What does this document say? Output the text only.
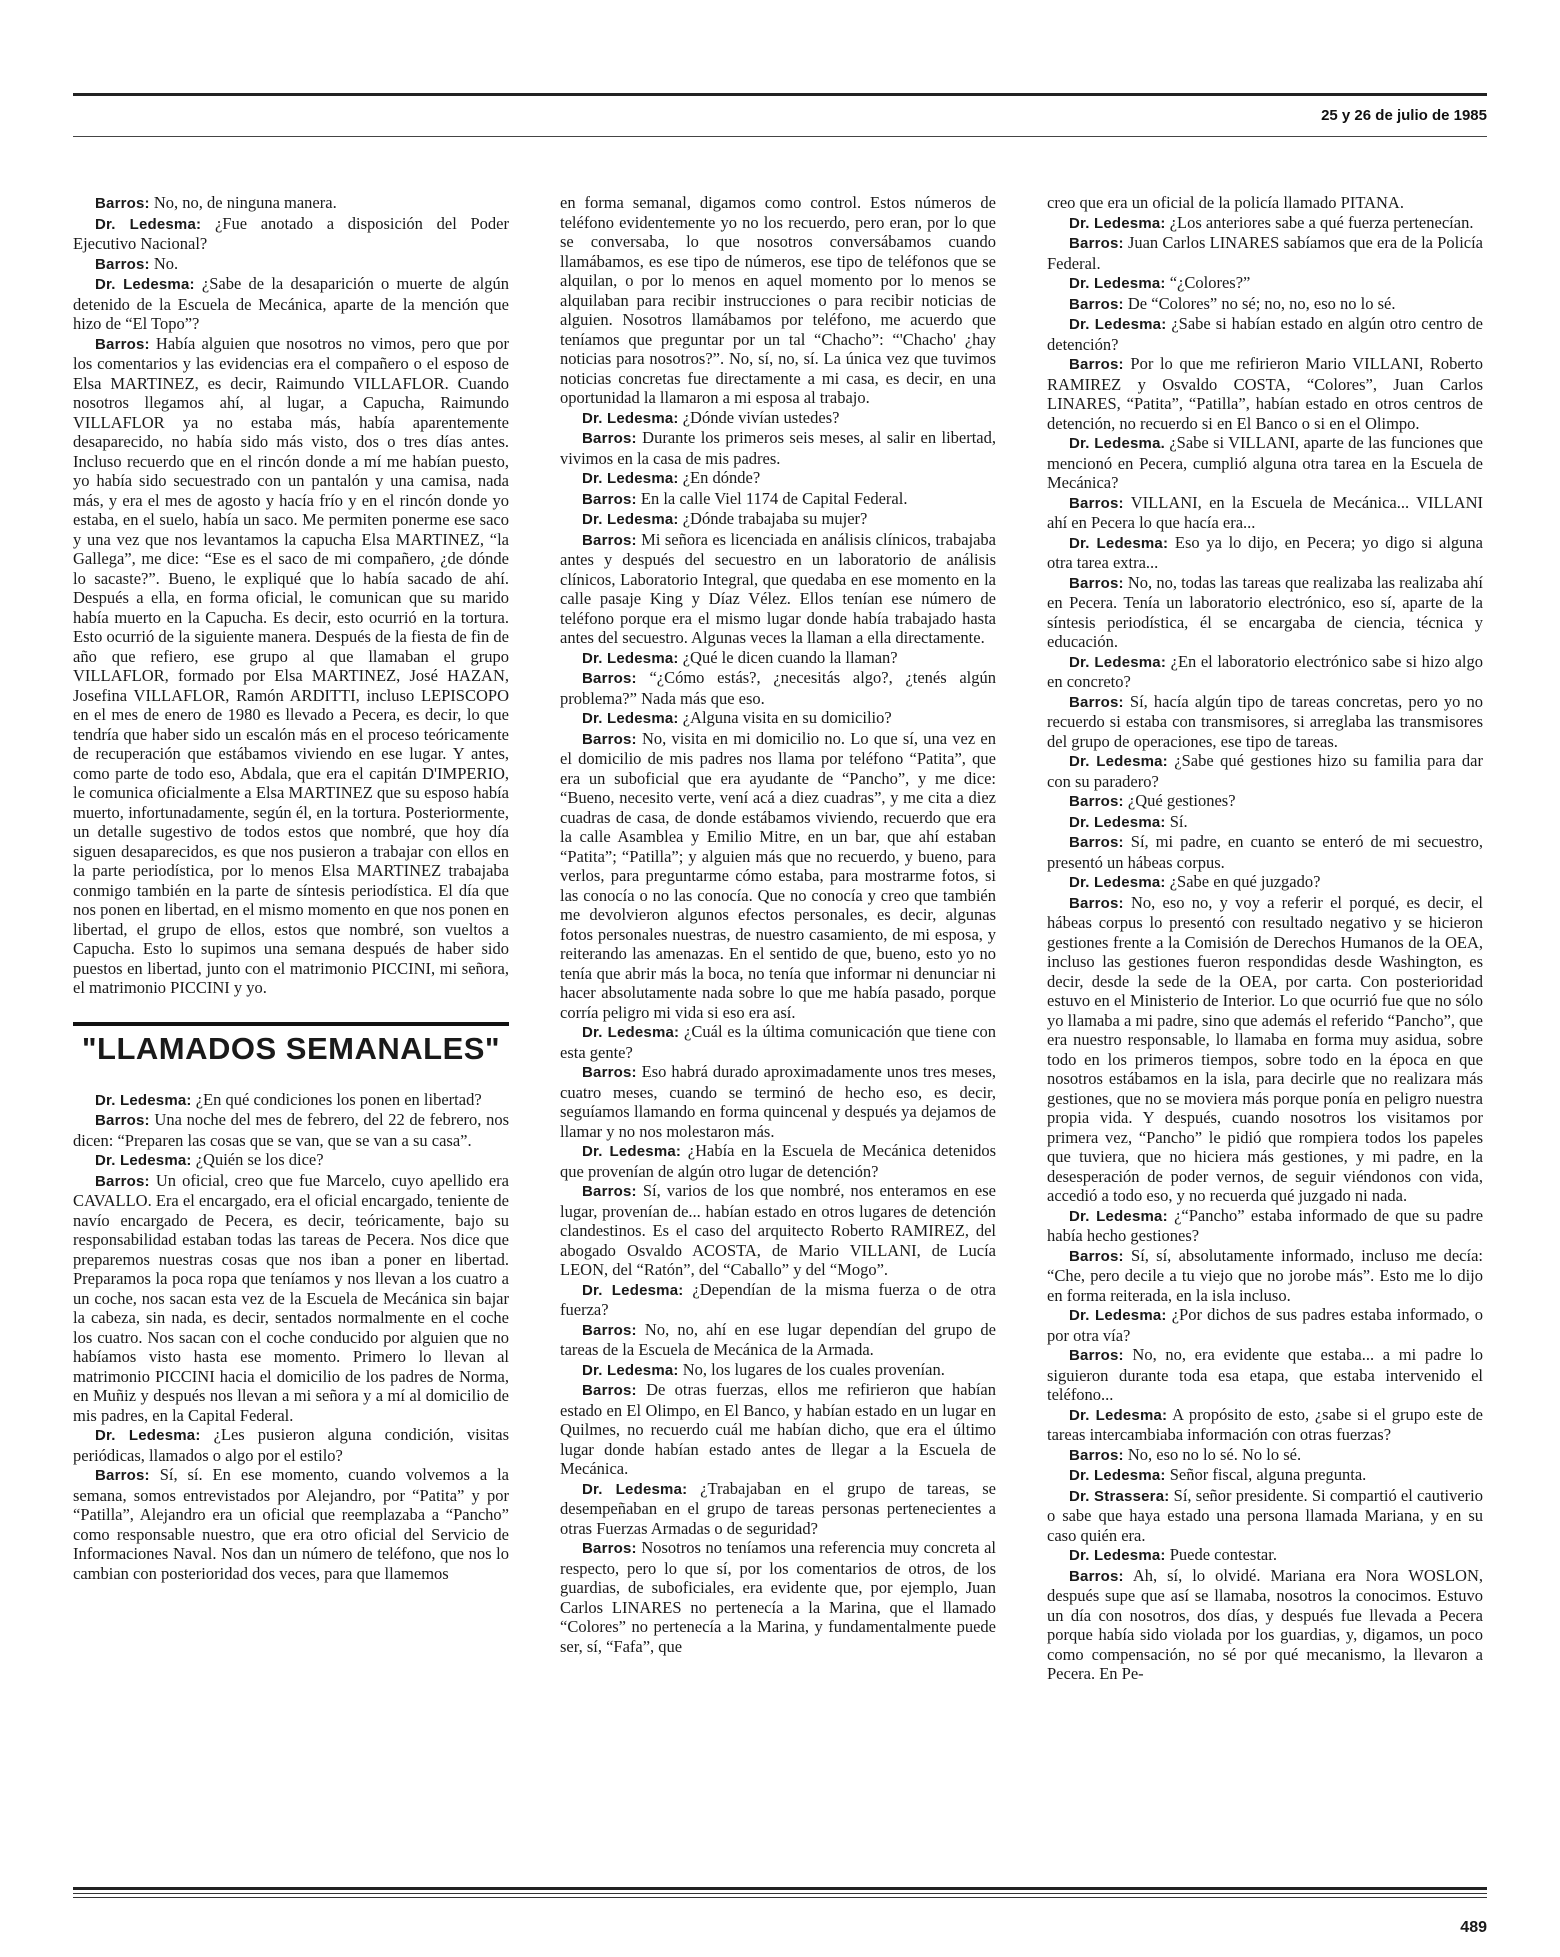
25 y 26 de julio de 1985

Barros: No, no, de ninguna manera.

Dr. Ledesma: ¿Fue anotado a disposición del Poder Ejecutivo Nacional?

Barros: No.

Dr. Ledesma: ¿Sabe de la desaparición o muerte de algún detenido de la Escuela de Mecánica, aparte de la mención que hizo de “El Topo”?

Barros: Había alguien que nosotros no vimos, pero que por los comentarios y las evidencias era el compañero o el esposo de Elsa MARTINEZ, es decir, Raimundo VILLAFLOR. Cuando nosotros llegamos ahí, al lugar, a Capucha, Raimundo VILLAFLOR ya no estaba más, había aparentemente desaparecido, no había sido más visto, dos o tres días antes. Incluso recuerdo que en el rincón donde a mí me habían puesto, yo había sido secuestrado con un pantalón y una camisa, nada más, y era el mes de agosto y hacía frío y en el rincón donde yo estaba, en el suelo, había un saco. Me permiten ponerme ese saco y una vez que nos levantamos la capucha Elsa MARTINEZ, “la Gallega”, me dice: “Ese es el saco de mi compañero, ¿de dónde lo sacaste?”. Bueno, le expliqué que lo había sacado de ahí. Después a ella, en forma oficial, le comunican que su marido había muerto en la Capucha. Es decir, esto ocurrió en la tortura. Esto ocurrió de la siguiente manera. Después de la fiesta de fin de año que refiero, ese grupo al que llamaban el grupo VILLAFLOR, formado por Elsa MARTINEZ, José HAZAN, Josefina VILLAFLOR, Ramón ARDITTI, incluso LEPISCOPO en el mes de enero de 1980 es llevado a Pecera, es decir, lo que tendría que haber sido un escalón más en el proceso teóricamente de recuperación que estábamos viviendo en ese lugar. Y antes, como parte de todo eso, Abdala, que era el capitán D'IMPERIO, le comunica oficialmente a Elsa MARTINEZ que su esposo había muerto, infortunadamente, según él, en la tortura. Posteriormente, un detalle sugestivo de todos estos que nombré, que hoy día siguen desaparecidos, es que nos pusieron a trabajar con ellos en la parte periodística, por lo menos Elsa MARTINEZ trabajaba conmigo también en la parte de síntesis periodística. El día que nos ponen en libertad, en el mismo momento en que nos ponen en libertad, el grupo de ellos, estos que nombré, son vueltos a Capucha. Esto lo supimos una semana después de haber sido puestos en libertad, junto con el matrimonio PICCINI, mi señora, el matrimonio PICCINI y yo.

"LLAMADOS SEMANALES"

Dr. Ledesma: ¿En qué condiciones los ponen en libertad?

Barros: Una noche del mes de febrero, del 22 de febrero, nos dicen: “Preparen las cosas que se van, que se van a su casa”.

Dr. Ledesma: ¿Quién se los dice?

Barros: Un oficial, creo que fue Marcelo, cuyo apellido era CAVALLO. Era el encargado, era el oficial encargado, teniente de navío encargado de Pecera, es decir, teóricamente, bajo su responsabilidad estaban todas las tareas de Pecera. Nos dice que preparemos nuestras cosas que nos iban a poner en libertad. Preparamos la poca ropa que teníamos y nos llevan a los cuatro a un coche, nos sacan esta vez de la Escuela de Mecánica sin bajar la cabeza, sin nada, es decir, sentados normalmente en el coche los cuatro. Nos sacan con el coche conducido por alguien que no habíamos visto hasta ese momento. Primero lo llevan al matrimonio PICCINI hacia el domicilio de los padres de Norma, en Muñiz y después nos llevan a mi señora y a mí al domicilio de mis padres, en la Capital Federal.

Dr. Ledesma: ¿Les pusieron alguna condición, visitas periódicas, llamados o algo por el estilo?

Barros: Sí, sí. En ese momento, cuando volvemos a la semana, somos entrevistados por Alejandro, por “Patita” y por “Patilla”, Alejandro era un oficial que reemplazaba a “Pancho” como responsable nuestro, que era otro oficial del Servicio de Informaciones Naval. Nos dan un número de teléfono, que nos lo cambian con posterioridad dos veces, para que llamemos

en forma semanal, digamos como control. Estos números de teléfono evidentemente yo no los recuerdo, pero eran, por lo que se conversaba, lo que nosotros conversábamos cuando llamábamos, es ese tipo de números, ese tipo de teléfonos que se alquilan, o por lo menos en aquel momento por lo menos se alquilaban para recibir instrucciones o para recibir noticias de alguien. Nosotros llamábamos por teléfono, me acuerdo que teníamos que preguntar por un tal “Chacho”: “'Chacho' ¿hay noticias para nosotros?”. No, sí, no, sí. La única vez que tuvimos noticias concretas fue directamente a mi casa, es decir, en una oportunidad la llamaron a mi esposa al trabajo.

Dr. Ledesma: ¿Dónde vivían ustedes?

Barros: Durante los primeros seis meses, al salir en libertad, vivimos en la casa de mis padres.

Dr. Ledesma: ¿En dónde?

Barros: En la calle Viel 1174 de Capital Federal.

Dr. Ledesma: ¿Dónde trabajaba su mujer?

Barros: Mi señora es licenciada en análisis clínicos, trabajaba antes y después del secuestro en un laboratorio de análisis clínicos, Laboratorio Integral, que quedaba en ese momento en la calle pasaje King y Díaz Vélez. Ellos tenían ese número de teléfono porque era el mismo lugar donde había trabajado hasta antes del secuestro. Algunas veces la llaman a ella directamente.

Dr. Ledesma: ¿Qué le dicen cuando la llaman?

Barros: “¿Cómo estás?, ¿necesitás algo?, ¿tenés algún problema?” Nada más que eso.

Dr. Ledesma: ¿Alguna visita en su domicilio?

Barros: No, visita en mi domicilio no. Lo que sí, una vez en el domicilio de mis padres nos llama por teléfono “Patita”, que era un suboficial que era ayudante de “Pancho”, y me dice: “Bueno, necesito verte, vení acá a diez cuadras”, y me cita a diez cuadras de casa, de donde estábamos viviendo, recuerdo que era la calle Asamblea y Emilio Mitre, en un bar, que ahí estaban “Patita”; “Patilla”; y alguien más que no recuerdo, y bueno, para verlos, para preguntarme cómo estaba, para mostrarme fotos, si las conocía o no las conocía. Que no conocía y creo que también me devolvieron algunos efectos personales, es decir, algunas fotos personales nuestras, de nuestro casamiento, de mi esposa, y reiterando las amenazas. En el sentido de que, bueno, esto yo no tenía que abrir más la boca, no tenía que informar ni denunciar ni hacer absolutamente nada sobre lo que me había pasado, porque corría peligro mi vida si eso era así.

Dr. Ledesma: ¿Cuál es la última comunicación que tiene con esta gente?

Barros: Eso habrá durado aproximadamente unos tres meses, cuatro meses, cuando se terminó de hecho eso, es decir, seguíamos llamando en forma quincenal y después ya dejamos de llamar y no nos molestaron más.

Dr. Ledesma: ¿Había en la Escuela de Mecánica detenidos que provenían de algún otro lugar de detención?

Barros: Sí, varios de los que nombré, nos enteramos en ese lugar, provenían de... habían estado en otros lugares de detención clandestinos. Es el caso del arquitecto Roberto RAMIREZ, del abogado Osvaldo ACOSTA, de Mario VILLANI, de Lucía LEON, del “Ratón”, del “Caballo” y del “Mogo”.

Dr. Ledesma: ¿Dependían de la misma fuerza o de otra fuerza?

Barros: No, no, ahí en ese lugar dependían del grupo de tareas de la Escuela de Mecánica de la Armada.

Dr. Ledesma: No, los lugares de los cuales provenían.

Barros: De otras fuerzas, ellos me refirieron que habían estado en El Olimpo, en El Banco, y habían estado en un lugar en Quilmes, no recuerdo cuál me habían dicho, que era el último lugar donde habían estado antes de llegar a la Escuela de Mecánica.

Dr. Ledesma: ¿Trabajaban en el grupo de tareas, se desempeñaban en el grupo de tareas personas pertenecientes a otras Fuerzas Armadas o de seguridad?

Barros: Nosotros no teníamos una referencia muy concreta al respecto, pero lo que sí, por los comentarios de otros, de los guardias, de suboficiales, era evidente que, por ejemplo, Juan Carlos LINARES no pertenecía a la Marina, que el llamado “Colores” no pertenecía a la Marina, y fundamentalmente puede ser, sí, “Fafa”, que

creo que era un oficial de la policía llamado PITANA.

Dr. Ledesma: ¿Los anteriores sabe a qué fuerza pertenecían.

Barros: Juan Carlos LINARES sabíamos que era de la Policía Federal.

Dr. Ledesma: “¿Colores?”

Barros: De “Colores” no sé; no, no, eso no lo sé.

Dr. Ledesma: ¿Sabe si habían estado en algún otro centro de detención?

Barros: Por lo que me refirieron Mario VILLANI, Roberto RAMIREZ y Osvaldo COSTA, “Colores”, Juan Carlos LINARES, “Patita”, “Patilla”, habían estado en otros centros de detención, no recuerdo si en El Banco o si en el Olimpo.

Dr. Ledesma. ¿Sabe si VILLANI, aparte de las funciones que mencionó en Pecera, cumplió alguna otra tarea en la Escuela de Mecánica?

Barros: VILLANI, en la Escuela de Mecánica... VILLANI ahí en Pecera lo que hacía era...

Dr. Ledesma: Eso ya lo dijo, en Pecera; yo digo si alguna otra tarea extra...

Barros: No, no, todas las tareas que realizaba las realizaba ahí en Pecera. Tenía un laboratorio electrónico, eso sí, aparte de la síntesis periodística, él se encargaba de ciencia, técnica y educación.

Dr. Ledesma: ¿En el laboratorio electrónico sabe si hizo algo en concreto?

Barros: Sí, hacía algún tipo de tareas concretas, pero yo no recuerdo si estaba con transmisores, si arreglaba las transmisores del grupo de operaciones, ese tipo de tareas.

Dr. Ledesma: ¿Sabe qué gestiones hizo su familia para dar con su paradero?

Barros: ¿Qué gestiones?

Dr. Ledesma: Sí.

Barros: Sí, mi padre, en cuanto se enteró de mi secuestro, presentó un hábeas corpus.

Dr. Ledesma: ¿Sabe en qué juzgado?

Barros: No, eso no, y voy a referir el porqué, es decir, el hábeas corpus lo presentó con resultado negativo y se hicieron gestiones frente a la Comisión de Derechos Humanos de la OEA, incluso las gestiones fueron respondidas desde Washington, es decir, desde la sede de la OEA, por carta. Con posterioridad estuvo en el Ministerio de Interior. Lo que ocurrió fue que no sólo yo llamaba a mi padre, sino que además el referido “Pancho”, que era nuestro responsable, lo llamaba en forma muy asidua, sobre todo en los primeros tiempos, sobre todo en la época en que nosotros estábamos en la isla, para decirle que no realizara más gestiones, que no se moviera más porque ponía en peligro nuestra propia vida. Y después, cuando nosotros los visitamos por primera vez, “Pancho” le pidió que rompiera todos los papeles que tuviera, que no hiciera más gestiones, y mi padre, en la desesperación de poder vernos, de seguir viéndonos con vida, accedió a todo eso, y no recuerda qué juzgado ni nada.

Dr. Ledesma: ¿“Pancho” estaba informado de que su padre había hecho gestiones?

Barros: Sí, sí, absolutamente informado, incluso me decía: “Che, pero decile a tu viejo que no jorobe más”. Esto me lo dijo en forma reiterada, en la isla incluso.

Dr. Ledesma: ¿Por dichos de sus padres estaba informado, o por otra vía?

Barros: No, no, era evidente que estaba... a mi padre lo siguieron durante toda esa etapa, que estaba intervenido el teléfono...

Dr. Ledesma: A propósito de esto, ¿sabe si el grupo este de tareas intercambiaba información con otras fuerzas?

Barros: No, eso no lo sé. No lo sé.

Dr. Ledesma: Señor fiscal, alguna pregunta.

Dr. Strassera: Sí, señor presidente. Si compartió el cautiverio o sabe que haya estado una persona llamada Mariana, y en su caso quién era.

Dr. Ledesma: Puede contestar.

Barros: Ah, sí, lo olvidé. Mariana era Nora WOSLON, después supe que así se llamaba, nosotros la conocimos. Estuvo un día con nosotros, dos días, y después fue llevada a Pecera porque había sido violada por los guardias, y, digamos, un poco como compensación, no sé por qué mecanismo, la llevaron a Pecera. En Pe-

489
